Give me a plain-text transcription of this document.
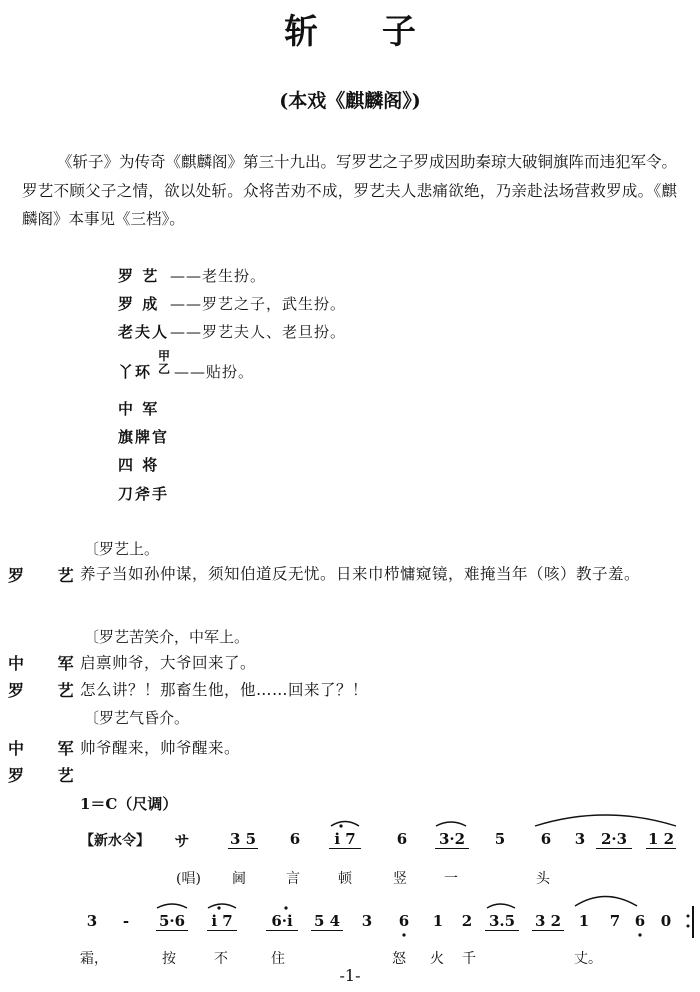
斩 子
(本戏《麒麟阁》)

《斩子》为传奇《麒麟阁》第三十九出。写罗艺之子罗成因助秦琼大破铜旗阵而违犯军令。罗艺不顾父子之情，欲以处斩。众将苦劝不成，罗艺夫人悲痛欲绝，乃亲赴法场营救罗成。《麒麟阁》本事见《三档》。

罗 艺 ——老生扮。
罗 成 ——罗艺之子，武生扮。
老夫人——罗艺夫人、老旦扮。
丫环
甲
乙 ——贴扮。
中 军
旗牌官
四 将
刀斧手
〔罗艺上。
罗 艺
养子当如孙仲谋，须知伯道反无忧。日来巾栉慵窥镜，难掩当年（咳）教子羞。
〔罗艺苦笑介，中军上。
中 军
启禀帅爷，大爷回来了。
罗 艺
怎么讲？！那畜生他，他……回来了？！
〔罗艺气昏介。
中 军
帅爷醒来，帅爷醒来。
罗 艺
1＝C（尺调）
【新水令】 サ	3 5	6	i 7	6	3·2	5	6	3	2·3	1 2
(唱) 阃	言	顿	竖	一	头
3	-	5·6 i 7	6·i	5 4	3	6	1	2	3.5 3 2	1	7 6	0
霜，	按	不	住	怒 火 千	丈。
-1-
